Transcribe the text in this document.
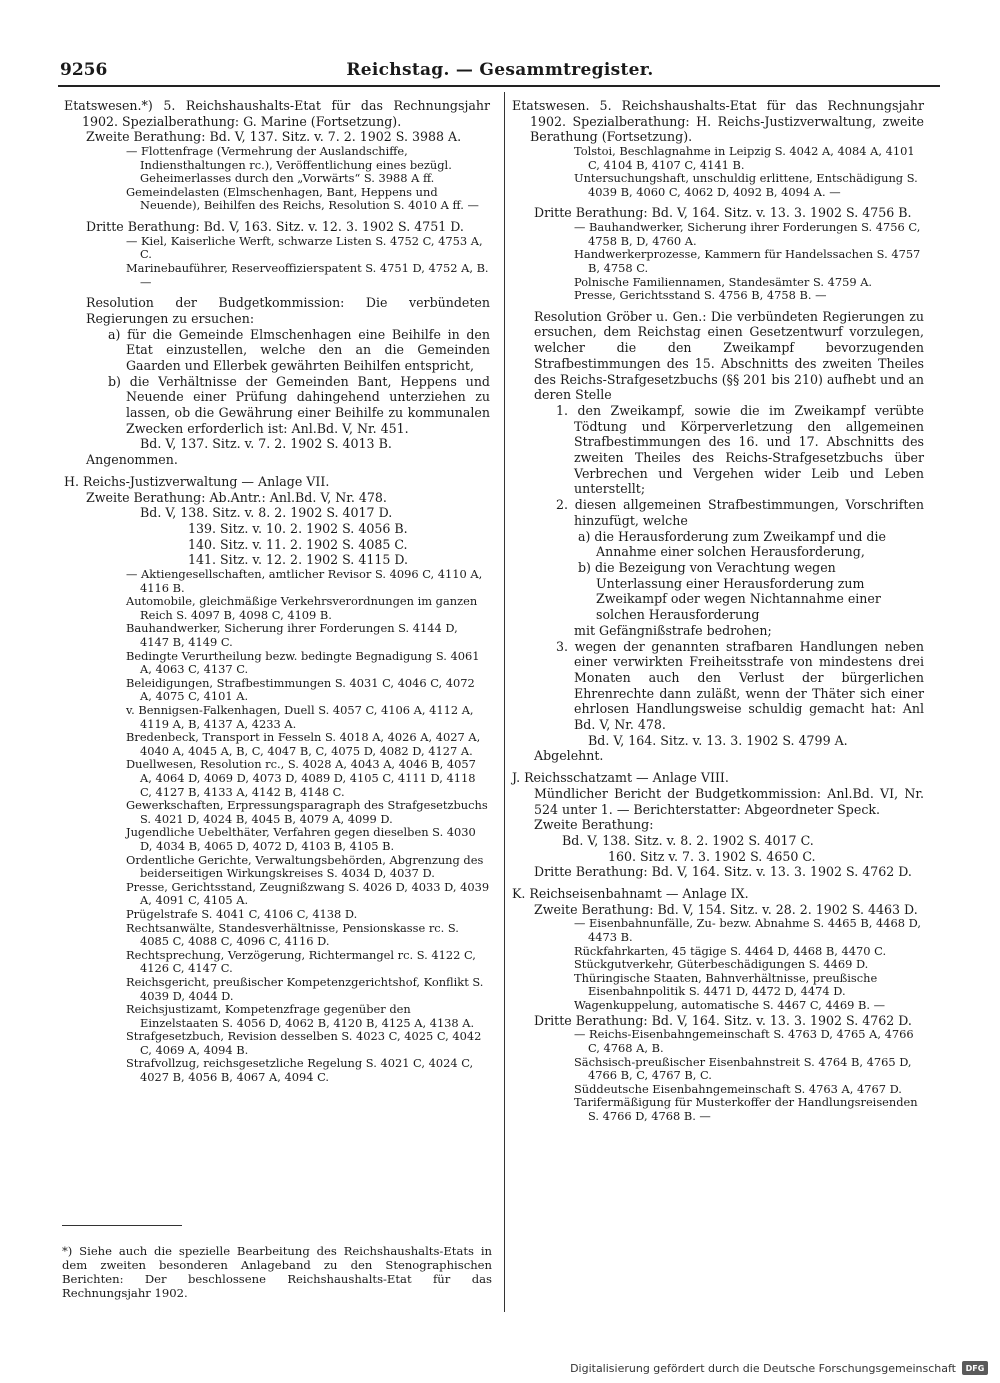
9256	Reichstag. — Gesammtregister.

Etatswesen.*) 5. Reichshaushalts-Etat für das Rechnungsjahr 1902. Spezialberathung: G. Marine (Fortsetzung).

Zweite Berathung: Bd. V, 137. Sitz. v. 7. 2. 1902 S. 3988 A.

— Flottenfrage (Vermehrung der Auslandschiffe, Indiensthaltungen rc.), Veröffentlichung eines bezügl. Geheimerlasses durch den „Vorwärts“ S. 3988 A ff.

Gemeindelasten (Elmschenhagen, Bant, Heppens und Neuende), Beihilfen des Reichs, Resolution S. 4010 A ff. —

Dritte Berathung: Bd. V, 163. Sitz. v. 12. 3. 1902 S. 4751 D.

— Kiel, Kaiserliche Werft, schwarze Listen S. 4752 C, 4753 A, C.

Marinebauführer, Reserveoffizierspatent S. 4751 D, 4752 A, B. —

Resolution der Budgetkommission: Die verbündeten Regierungen zu ersuchen:

a) für die Gemeinde Elmschenhagen eine Beihilfe in den Etat einzustellen, welche den an die Gemeinden Gaarden und Ellerbek gewährten Beihilfen entspricht,

b) die Verhältnisse der Gemeinden Bant, Heppens und Neuende einer Prüfung dahingehend unterziehen zu lassen, ob die Gewährung einer Beihilfe zu kommunalen Zwecken erforderlich ist: Anl.Bd. V, Nr. 451.

Bd. V, 137. Sitz. v. 7. 2. 1902 S. 4013 B.

Angenommen.

H. Reichs-Justizverwaltung — Anlage VII.

Zweite Berathung: Ab.Antr.: Anl.Bd. V, Nr. 478.

Bd. V, 138. Sitz. v. 8. 2. 1902 S. 4017 D.

139. Sitz. v. 10. 2. 1902 S. 4056 B.

140. Sitz. v. 11. 2. 1902 S. 4085 C.

141. Sitz. v. 12. 2. 1902 S. 4115 D.

— Aktiengesellschaften, amtlicher Revisor S. 4096 C, 4110 A, 4116 B.

Automobile, gleichmäßige Verkehrsverordnungen im ganzen Reich S. 4097 B, 4098 C, 4109 B.

Bauhandwerker, Sicherung ihrer Forderungen S. 4144 D, 4147 B, 4149 C.

Bedingte Verurtheilung bezw. bedingte Begnadigung S. 4061 A, 4063 C, 4137 C.

Beleidigungen, Strafbestimmungen S. 4031 C, 4046 C, 4072 A, 4075 C, 4101 A.

v. Bennigsen-Falkenhagen, Duell S. 4057 C, 4106 A, 4112 A, 4119 A, B, 4137 A, 4233 A.

Bredenbeck, Transport in Fesseln S. 4018 A, 4026 A, 4027 A, 4040 A, 4045 A, B, C, 4047 B, C, 4075 D, 4082 D, 4127 A.

Duellwesen, Resolution rc., S. 4028 A, 4043 A, 4046 B, 4057 A, 4064 D, 4069 D, 4073 D, 4089 D, 4105 C, 4111 D, 4118 C, 4127 B, 4133 A, 4142 B, 4148 C.

Gewerkschaften, Erpressungsparagraph des Strafgesetzbuchs S. 4021 D, 4024 B, 4045 B, 4079 A, 4099 D.

Jugendliche Uebelthäter, Verfahren gegen dieselben S. 4030 D, 4034 B, 4065 D, 4072 D, 4103 B, 4105 B.

Ordentliche Gerichte, Verwaltungsbehörden, Abgrenzung des beiderseitigen Wirkungskreises S. 4034 D, 4037 D.

Presse, Gerichtsstand, Zeugnißzwang S. 4026 D, 4033 D, 4039 A, 4091 C, 4105 A.

Prügelstrafe S. 4041 C, 4106 C, 4138 D.

Rechtsanwälte, Standesverhältnisse, Pensionskasse rc. S. 4085 C, 4088 C, 4096 C, 4116 D.

Rechtsprechung, Verzögerung, Richtermangel rc. S. 4122 C, 4126 C, 4147 C.

Reichsgericht, preußischer Kompetenzgerichtshof, Konflikt S. 4039 D, 4044 D.

Reichsjustizamt, Kompetenzfrage gegenüber den Einzelstaaten S. 4056 D, 4062 B, 4120 B, 4125 A, 4138 A.

Strafgesetzbuch, Revision desselben S. 4023 C, 4025 C, 4042 C, 4069 A, 4094 B.

Strafvollzug, reichsgesetzliche Regelung S. 4021 C, 4024 C, 4027 B, 4056 B, 4067 A, 4094 C.

*) Siehe auch die spezielle Bearbeitung des Reichshaushalts-Etats in dem zweiten besonderen Anlageband zu den Stenographischen Berichten: Der beschlossene Reichshaushalts-Etat für das Rechnungsjahr 1902.

Etatswesen. 5. Reichshaushalts-Etat für das Rechnungsjahr 1902. Spezialberathung: H. Reichs-Justizverwaltung, zweite Berathung (Fortsetzung).

Tolstoi, Beschlagnahme in Leipzig S. 4042 A, 4084 A, 4101 C, 4104 B, 4107 C, 4141 B.

Untersuchungshaft, unschuldig erlittene, Entschädigung S. 4039 B, 4060 C, 4062 D, 4092 B, 4094 A. —

Dritte Berathung: Bd. V, 164. Sitz. v. 13. 3. 1902 S. 4756 B.

— Bauhandwerker, Sicherung ihrer Forderungen S. 4756 C, 4758 B, D, 4760 A.

Handwerkerprozesse, Kammern für Handelssachen S. 4757 B, 4758 C.

Polnische Familiennamen, Standesämter S. 4759 A.

Presse, Gerichtsstand S. 4756 B, 4758 B. —

Resolution Gröber u. Gen.: Die verbündeten Regierungen zu ersuchen, dem Reichstag einen Gesetzentwurf vorzulegen, welcher die den Zweikampf bevorzugenden Strafbestimmungen des 15. Abschnitts des zweiten Theiles des Reichs-Strafgesetzbuchs (§§ 201 bis 210) aufhebt und an deren Stelle

1. den Zweikampf, sowie die im Zweikampf verübte Tödtung und Körperverletzung den allgemeinen Strafbestimmungen des 16. und 17. Abschnitts des zweiten Theiles des Reichs-Strafgesetzbuchs über Verbrechen und Vergehen wider Leib und Leben unterstellt;

2. diesen allgemeinen Strafbestimmungen, Vorschriften hinzufügt, welche

a) die Herausforderung zum Zweikampf und die Annahme einer solchen Herausforderung,

b) die Bezeigung von Verachtung wegen Unterlassung einer Herausforderung zum Zweikampf oder wegen Nichtannahme einer solchen Herausforderung

mit Gefängnißstrafe bedrohen;

3. wegen der genannten strafbaren Handlungen neben einer verwirkten Freiheitsstrafe von mindestens drei Monaten auch den Verlust der bürgerlichen Ehrenrechte dann zuläßt, wenn der Thäter sich einer ehrlosen Handlungsweise schuldig gemacht hat: Anl Bd. V, Nr. 478.

Bd. V, 164. Sitz. v. 13. 3. 1902 S. 4799 A.

Abgelehnt.

J. Reichsschatzamt — Anlage VIII.

Mündlicher Bericht der Budgetkommission: Anl.Bd. VI, Nr. 524 unter 1. — Berichterstatter: Abgeordneter Speck.

Zweite Berathung:

Bd. V, 138. Sitz. v. 8. 2. 1902 S. 4017 C.

160. Sitz v. 7. 3. 1902 S. 4650 C.

Dritte Berathung: Bd. V, 164. Sitz. v. 13. 3. 1902 S. 4762 D.

K. Reichseisenbahnamt — Anlage IX.

Zweite Berathung: Bd. V, 154. Sitz. v. 28. 2. 1902 S. 4463 D.

— Eisenbahnunfälle, Zu- bezw. Abnahme S. 4465 B, 4468 D, 4473 B.

Rückfahrkarten, 45 tägige S. 4464 D, 4468 B, 4470 C.

Stückgutverkehr, Güterbeschädigungen S. 4469 D.

Thüringische Staaten, Bahnverhältnisse, preußische Eisenbahnpolitik S. 4471 D, 4472 D, 4474 D.

Wagenkuppelung, automatische S. 4467 C, 4469 B. —

Dritte Berathung: Bd. V, 164. Sitz. v. 13. 3. 1902 S. 4762 D.

— Reichs-Eisenbahngemeinschaft S. 4763 D, 4765 A, 4766 C, 4768 A, B.

Sächsisch-preußischer Eisenbahnstreit S. 4764 B, 4765 D, 4766 B, C, 4767 B, C.

Süddeutsche Eisenbahngemeinschaft S. 4763 A, 4767 D.

Tarifermäßigung für Musterkoffer der Handlungsreisenden S. 4766 D, 4768 B. —

Digitalisierung gefördert durch die Deutsche Forschungsgemeinschaft	DFG
